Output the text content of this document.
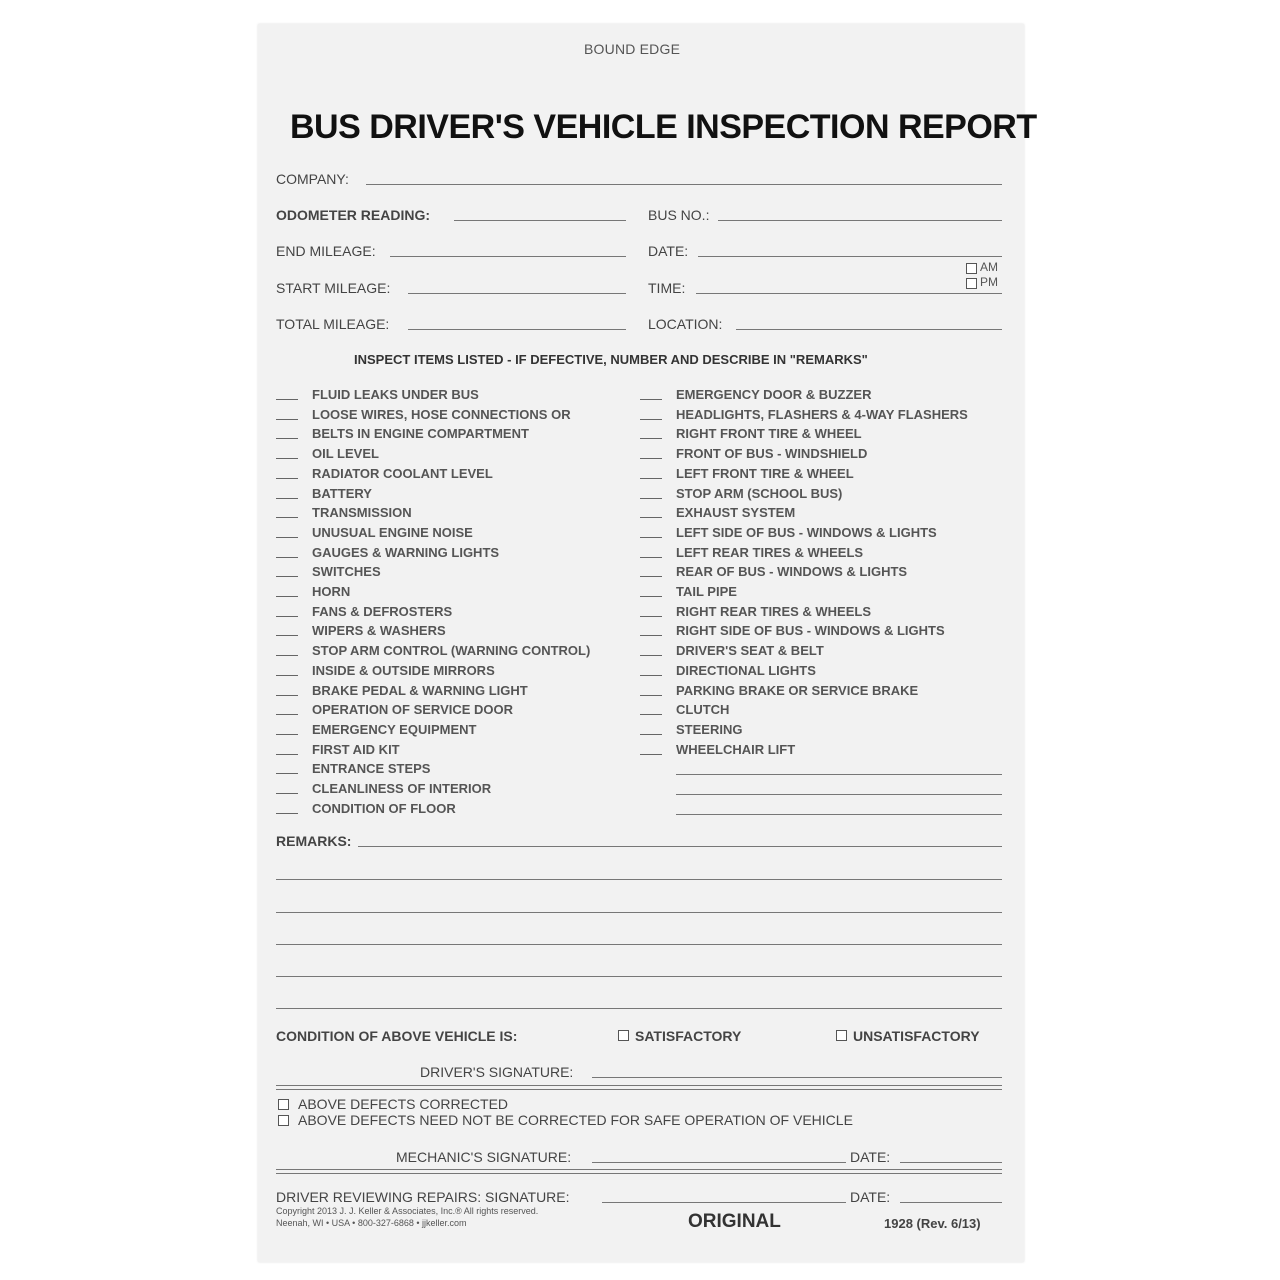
BOUND EDGE
BUS DRIVER'S VEHICLE INSPECTION REPORT
COMPANY:
ODOMETER READING:	BUS NO.:
END MILEAGE:	DATE:
AM
PM
START MILEAGE:	TIME:
TOTAL MILEAGE:	LOCATION:
INSPECT ITEMS LISTED - IF DEFECTIVE, NUMBER AND DESCRIBE IN "REMARKS"
FLUID LEAKS UNDER BUS
LOOSE WIRES, HOSE CONNECTIONS OR
BELTS IN ENGINE COMPARTMENT
OIL LEVEL
RADIATOR COOLANT LEVEL
BATTERY
TRANSMISSION
UNUSUAL ENGINE NOISE
GAUGES & WARNING LIGHTS
SWITCHES
HORN
FANS & DEFROSTERS
WIPERS & WASHERS
STOP ARM CONTROL (WARNING CONTROL)
INSIDE & OUTSIDE MIRRORS
BRAKE PEDAL & WARNING LIGHT
OPERATION OF SERVICE DOOR
EMERGENCY EQUIPMENT
FIRST AID KIT
ENTRANCE STEPS
CLEANLINESS OF INTERIOR
CONDITION OF FLOOR
EMERGENCY DOOR & BUZZER
HEADLIGHTS, FLASHERS & 4-WAY FLASHERS
RIGHT FRONT TIRE & WHEEL
FRONT OF BUS - WINDSHIELD
LEFT FRONT TIRE & WHEEL
STOP ARM (SCHOOL BUS)
EXHAUST SYSTEM
LEFT SIDE OF BUS - WINDOWS & LIGHTS
LEFT REAR TIRES & WHEELS
REAR OF BUS - WINDOWS & LIGHTS
TAIL PIPE
RIGHT REAR TIRES & WHEELS
RIGHT SIDE OF BUS - WINDOWS & LIGHTS
DRIVER'S SEAT & BELT
DIRECTIONAL LIGHTS
PARKING BRAKE OR SERVICE BRAKE
CLUTCH
STEERING
WHEELCHAIR LIFT
REMARKS:
CONDITION OF ABOVE VEHICLE IS:	SATISFACTORY	UNSATISFACTORY
DRIVER'S SIGNATURE:
ABOVE DEFECTS CORRECTED
ABOVE DEFECTS NEED NOT BE CORRECTED FOR SAFE OPERATION OF VEHICLE
MECHANIC'S SIGNATURE:	DATE:
DRIVER REVIEWING REPAIRS: SIGNATURE:	DATE:
Copyright 2013 J. J. Keller & Associates, Inc.® All rights reserved.
Neenah, WI • USA • 800-327-6868 • jjkeller.com	ORIGINAL	1928 (Rev. 6/13)
